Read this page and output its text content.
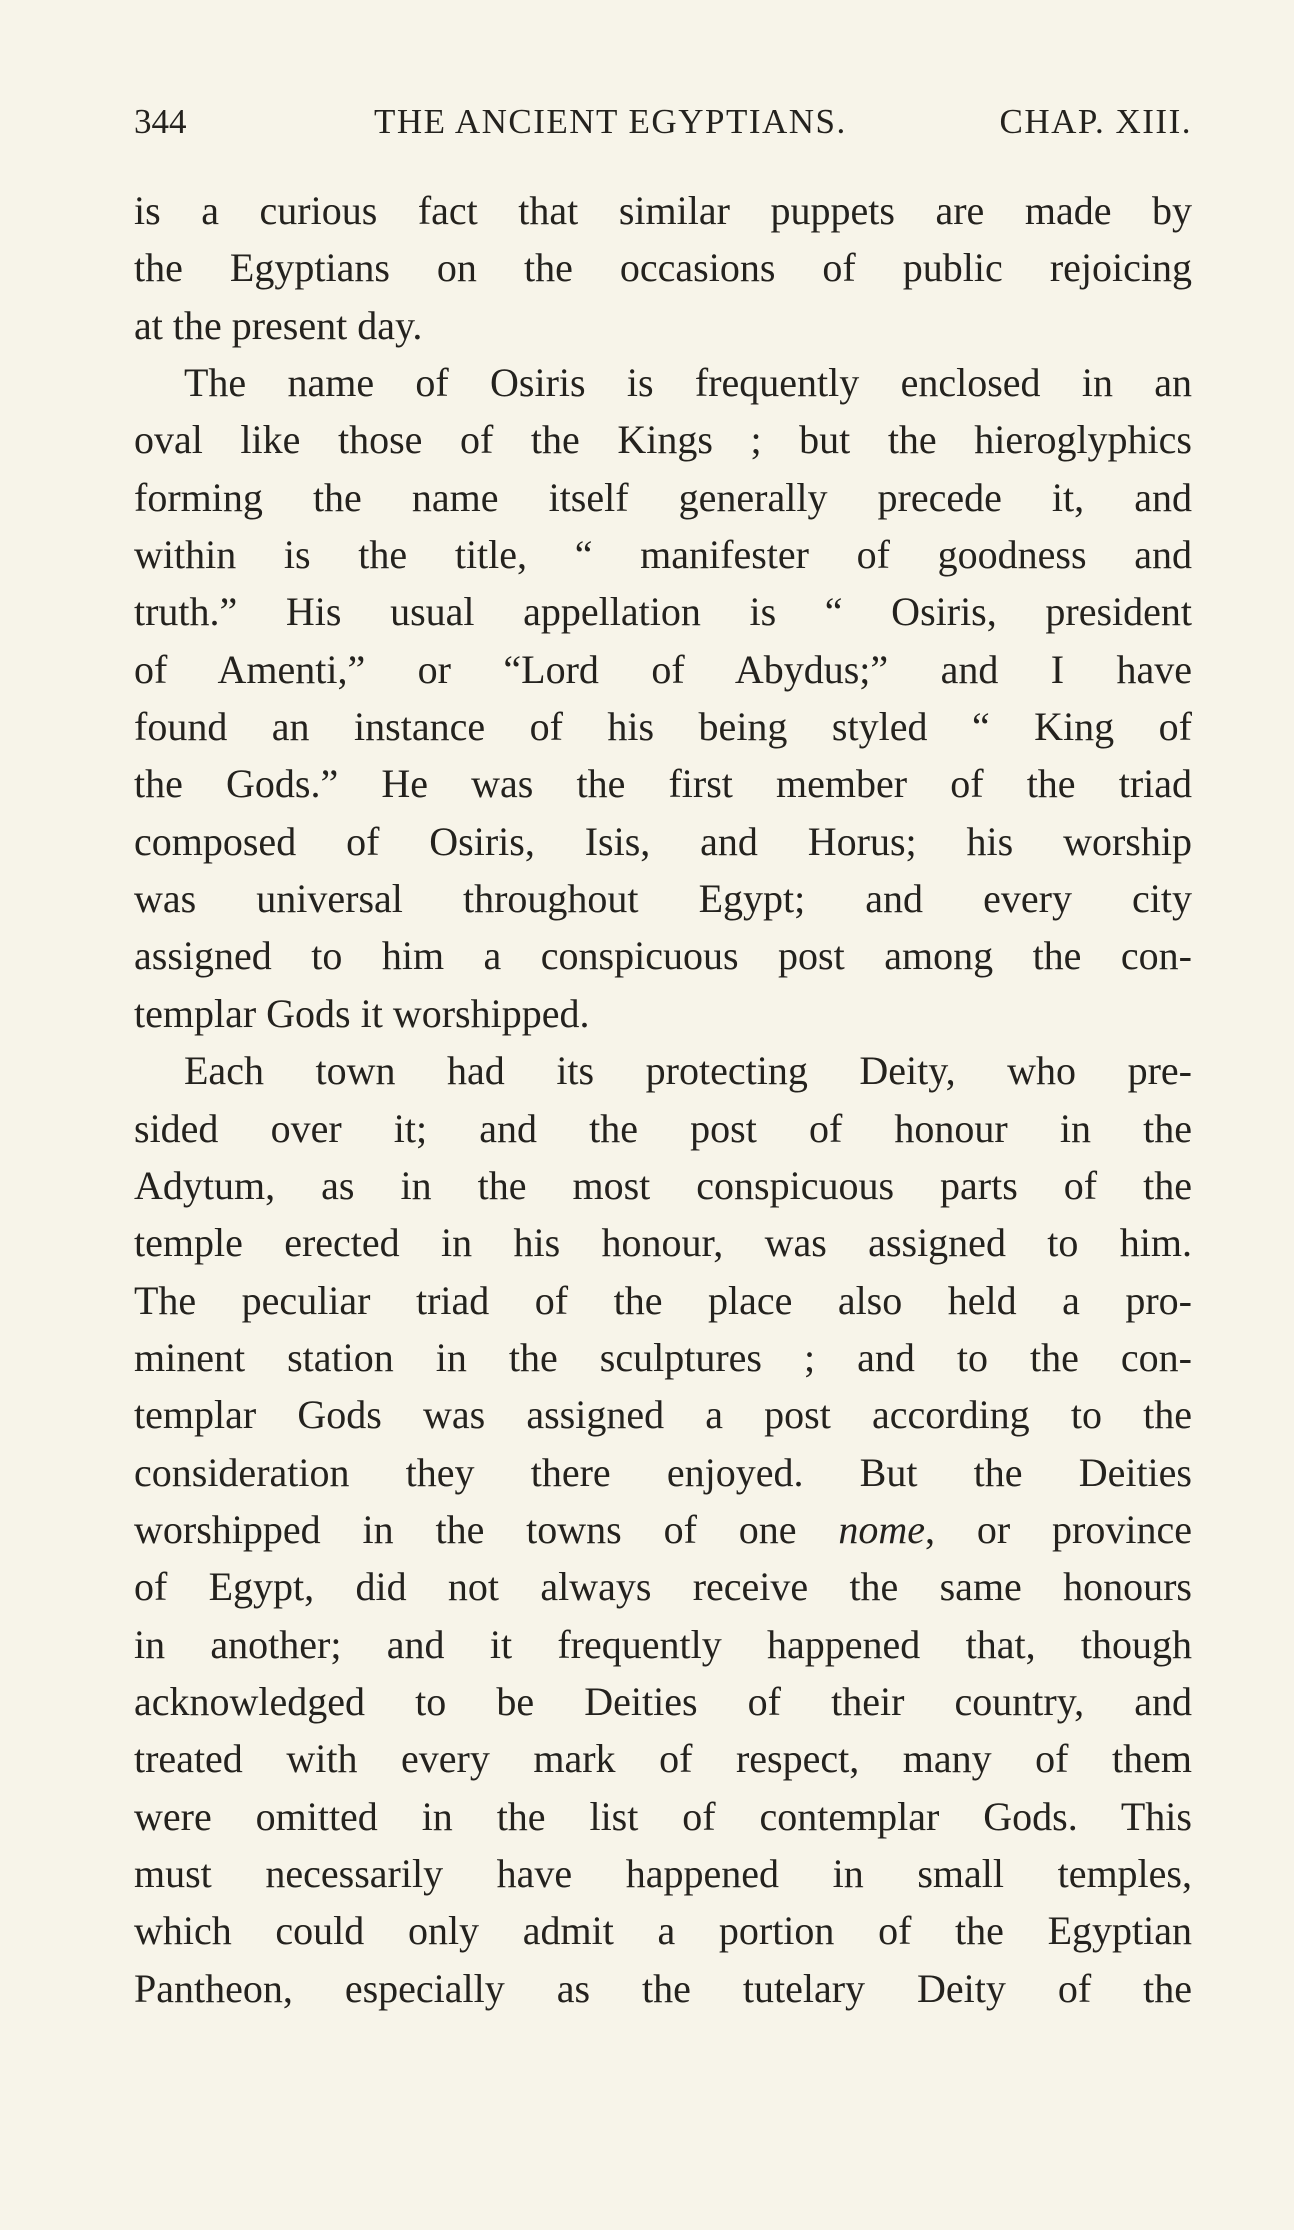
344	THE ANCIENT EGYPTIANS.	CHAP. XIII.
is a curious fact that similar puppets are made by
the Egyptians on the occasions of public rejoicing
at the present day.
The name of Osiris is frequently enclosed in an
oval like those of the Kings ; but the hieroglyphics
forming the name itself generally precede it, and
within is the title, “ manifester of goodness and
truth.” His usual appellation is “ Osiris, president
of Amenti,” or “Lord of Abydus;” and I have
found an instance of his being styled “ King of
the Gods.” He was the first member of the triad
composed of Osiris, Isis, and Horus; his worship
was universal throughout Egypt; and every city
assigned to him a conspicuous post among the con-
templar Gods it worshipped.
Each town had its protecting Deity, who pre-
sided over it; and the post of honour in the
Adytum, as in the most conspicuous parts of the
temple erected in his honour, was assigned to him.
The peculiar triad of the place also held a pro-
minent station in the sculptures ; and to the con-
templar Gods was assigned a post according to the
consideration they there enjoyed. But the Deities
worshipped in the towns of one nome, or province
of Egypt, did not always receive the same honours
in another; and it frequently happened that, though
acknowledged to be Deities of their country, and
treated with every mark of respect, many of them
were omitted in the list of contemplar Gods. This
must necessarily have happened in small temples,
which could only admit a portion of the Egyptian
Pantheon, especially as the tutelary Deity of the
